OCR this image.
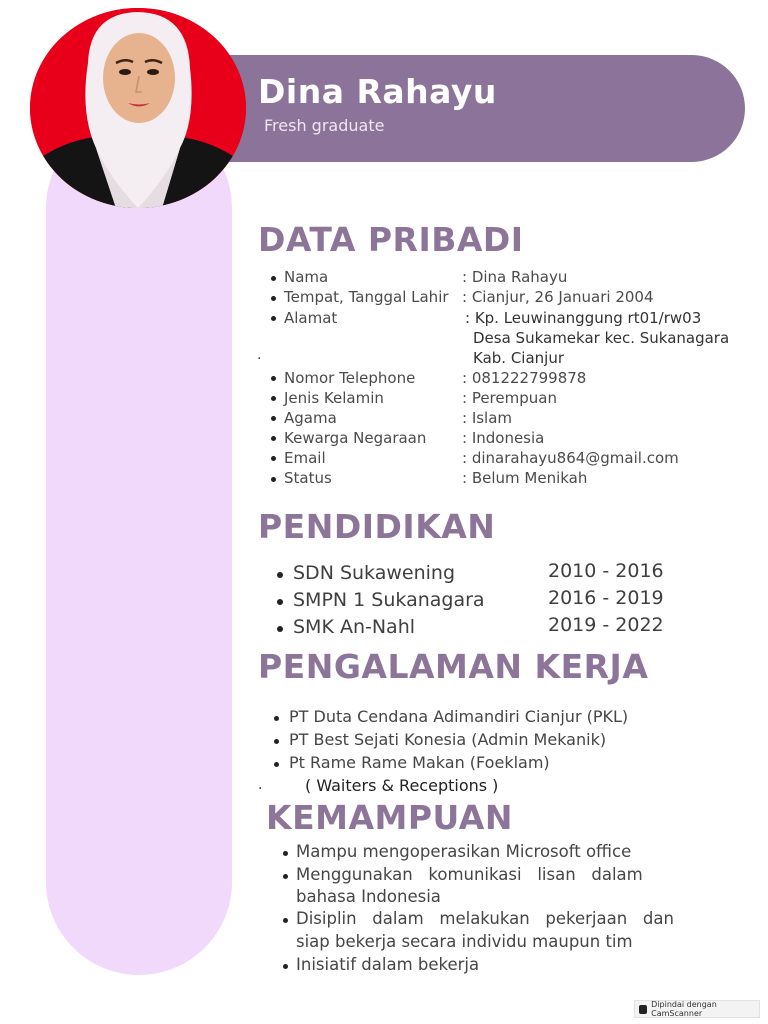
Dina Rahayu
Fresh graduate
DATA PRIBADI
Nama	: Dina Rahayu
Tempat, Tanggal Lahir : Cianjur, 26 Januari 2004
Alamat	: Kp. Leuwinanggung rt01/rw03
Desa Sukamekar kec. Sukanagara
Kab. Cianjur
.
Nomor Telephone	: 081222799878
Jenis Kelamin	: Perempuan
Agama	: Islam
Kewarga Negaraan : Indonesia
Email	: dinarahayu864@gmail.com
Status	: Belum Menikah
PENDIDIKAN
SDN Sukawening	2010 - 2016
SMPN 1 Sukanagara	2016 - 2019
SMK An-Nahl	2019 - 2022
PENGALAMAN KERJA
PT Duta Cendana Adimandiri Cianjur (PKL)
PT Best Sejati Konesia (Admin Mekanik)
Pt Rame Rame Makan (Foeklam)
.	( Waiters & Receptions )
KEMAMPUAN
Mampu mengoperasikan Microsoft office
Menggunakan   komunikasi   lisan   dalam
bahasa Indonesia
Disiplin   dalam   melakukan   pekerjaan   dan
siap bekerja secara individu maupun tim
Inisiatif dalam bekerja
Dipindai dengan CamScanner
